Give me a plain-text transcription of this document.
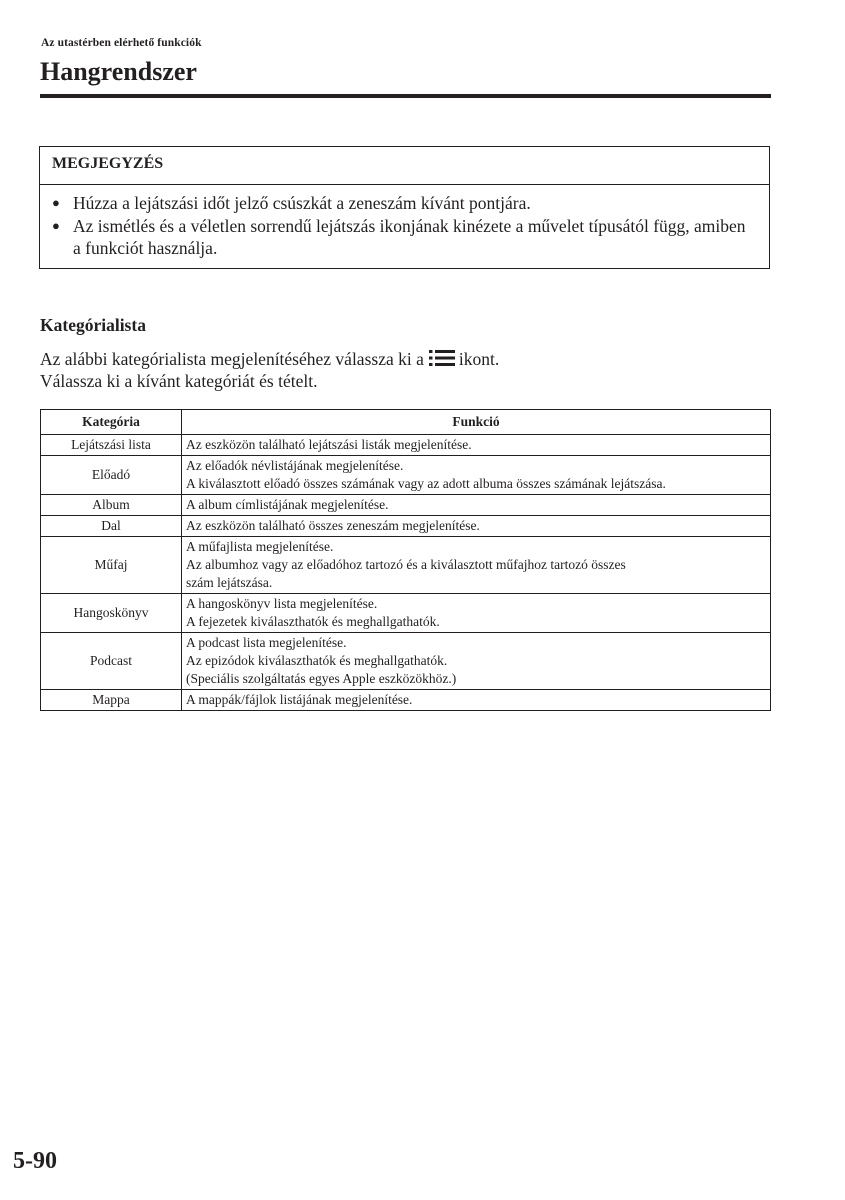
Az utastérben elérhető funkciók
Hangrendszer
MEGJEGYZÉS
● Húzza a lejátszási időt jelző csúszkát a zeneszám kívánt pontjára.
● Az ismétlés és a véletlen sorrendű lejátszás ikonjának kinézete a művelet típusától függ, amiben a funkciót használja.
Kategórialista
Az alábbi kategórialista megjelenítéséhez válassza ki a ikont.
Válassza ki a kívánt kategóriát és tételt.
Kategória	Funkció
Lejátszási lista	Az eszközön található lejátszási listák megjelenítése.

Előadó	Az előadók névlistájának megjelenítése.
A kiválasztott előadó összes számának vagy az adott albuma összes számának lejátszása.

Album	A album címlistájának megjelenítése.

Dal	Az eszközön található összes zeneszám megjelenítése.

Műfaj	A műfajlista megjelenítése.
Az albumhoz vagy az előadóhoz tartozó és a kiválasztott műfajhoz tartozó összes
szám lejátszása.

Hangoskönyv	A hangoskönyv lista megjelenítése.
A fejezetek kiválaszthatók és meghallgathatók.

Podcast	A podcast lista megjelenítése.
Az epizódok kiválaszthatók és meghallgathatók.
(Speciális szolgáltatás egyes Apple eszközökhöz.)

Mappa	A mappák/fájlok listájának megjelenítése.
5-90
